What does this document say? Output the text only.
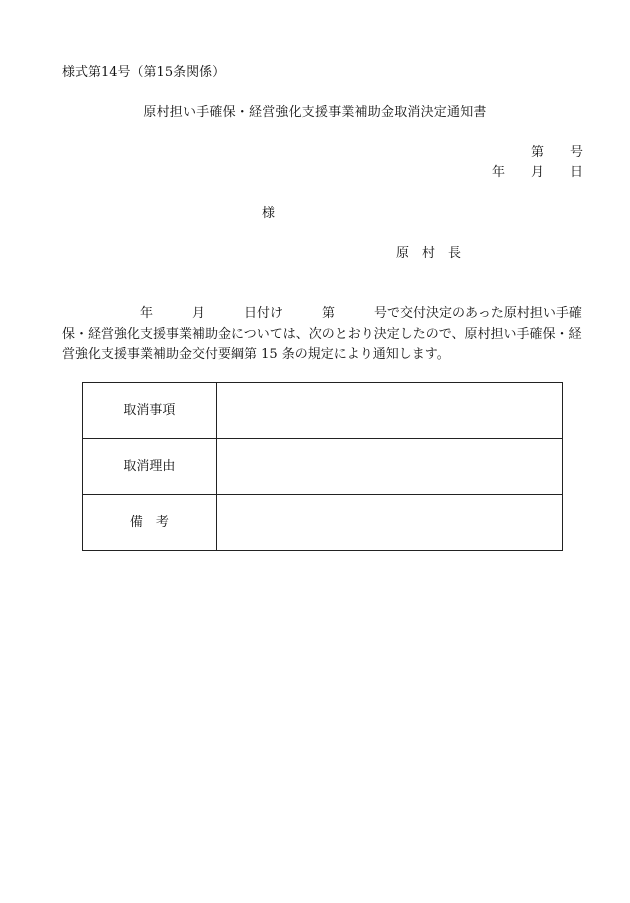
様式第14号（第15条関係）
原村担い手確保・経営強化支援事業補助金取消決定通知書
第　　号
年　　月　　日
様
原　村　長
　　　　　　年　　　月　　　日付け　　　第　　　号で交付決定のあった原村担い手確保・経営強化支援事業補助金については、次のとおり決定したので、原村担い手確保・経営強化支援事業補助金交付要綱第 15 条の規定により通知します。
取消事項	
取消理由	
備　考	
